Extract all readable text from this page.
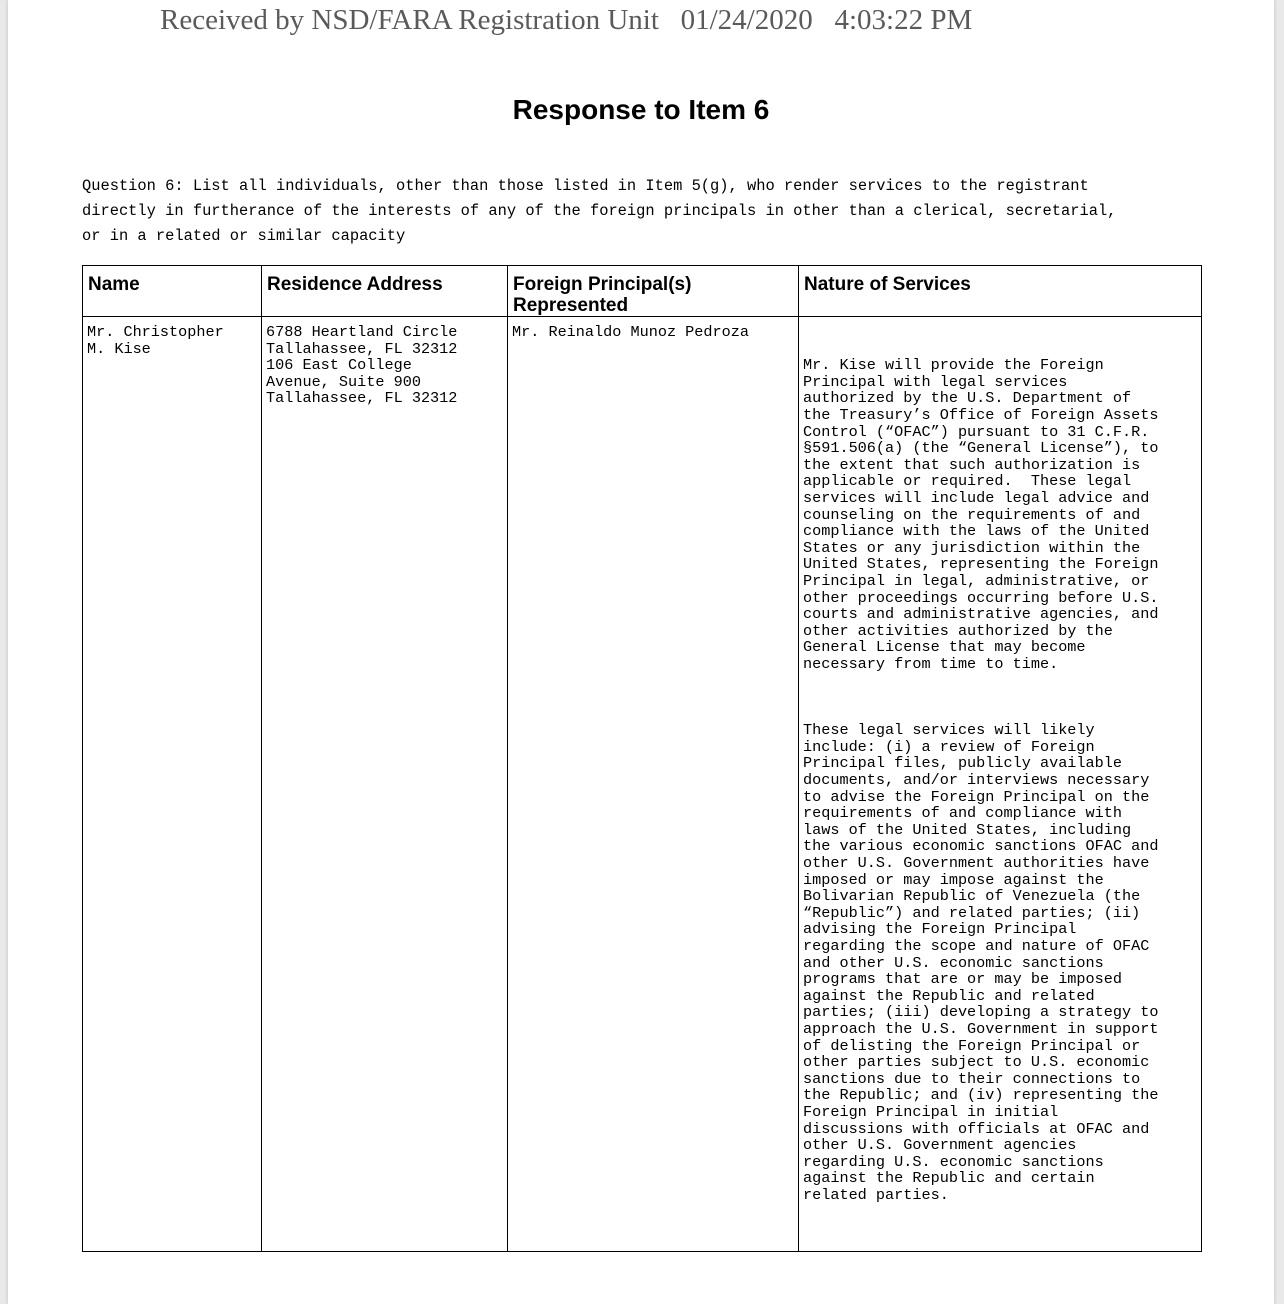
Received by NSD/FARA Registration Unit   01/24/2020   4:03:22 PM
Response to Item 6
Question 6: List all individuals, other than those listed in Item 5(g), who render services to the registrant
directly in furtherance of the interests of any of the foreign principals in other than a clerical, secretarial,
or in a related or similar capacity
Name	Residence Address	Foreign Principal(s)
Represented
Nature of Services
Mr. Christopher
M. Kise
6788 Heartland Circle
Tallahassee, FL 32312
106 East College
Avenue, Suite 900
Tallahassee, FL 32312
Mr. Reinaldo Munoz Pedroza

Mr. Kise will provide the Foreign
Principal with legal services
authorized by the U.S. Department of
the Treasury’s Office of Foreign Assets
Control (“OFAC”) pursuant to 31 C.F.R.
§591.506(a) (the “General License”), to
the extent that such authorization is
applicable or required.  These legal
services will include legal advice and
counseling on the requirements of and
compliance with the laws of the United
States or any jurisdiction within the
United States, representing the Foreign
Principal in legal, administrative, or
other proceedings occurring before U.S.
courts and administrative agencies, and
other activities authorized by the
General License that may become
necessary from time to time.

These legal services will likely
include: (i) a review of Foreign
Principal files, publicly available
documents, and/or interviews necessary
to advise the Foreign Principal on the
requirements of and compliance with
laws of the United States, including
the various economic sanctions OFAC and
other U.S. Government authorities have
imposed or may impose against the
Bolivarian Republic of Venezuela (the
“Republic”) and related parties; (ii)
advising the Foreign Principal
regarding the scope and nature of OFAC
and other U.S. economic sanctions
programs that are or may be imposed
against the Republic and related
parties; (iii) developing a strategy to
approach the U.S. Government in support
of delisting the Foreign Principal or
other parties subject to U.S. economic
sanctions due to their connections to
the Republic; and (iv) representing the
Foreign Principal in initial
discussions with officials at OFAC and
other U.S. Government agencies
regarding U.S. economic sanctions
against the Republic and certain
related parties.
